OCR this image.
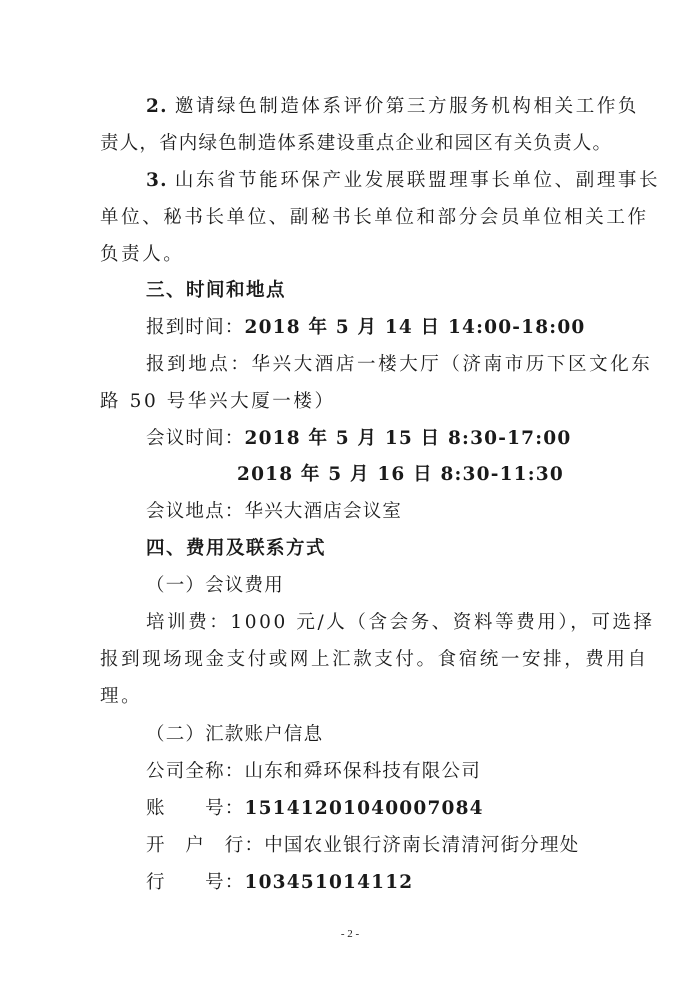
2. 邀请绿色制造体系评价第三方服务机构相关工作负
责人，省内绿色制造体系建设重点企业和园区有关负责人。
3. 山东省节能环保产业发展联盟理事长单位、副理事长
单位、秘书长单位、副秘书长单位和部分会员单位相关工作
负责人。
三、时间和地点
报到时间：2018 年 5 月 14 日 14:00-18:00
报到地点：华兴大酒店一楼大厅（济南市历下区文化东
路 50 号华兴大厦一楼）
会议时间：2018 年 5 月 15 日 8:30-17:00
2018 年 5 月 16 日 8:30-11:30
会议地点：华兴大酒店会议室
四、费用及联系方式
（一）会议费用
培训费：1000 元/人（含会务、资料等费用），可选择
报到现场现金支付或网上汇款支付。食宿统一安排，费用自
理。
（二）汇款账户信息
公司全称：山东和舜环保科技有限公司
账　　号：15141201040007084
开　户　行：中国农业银行济南长清清河街分理处
行　　号：103451014112
- 2 -
